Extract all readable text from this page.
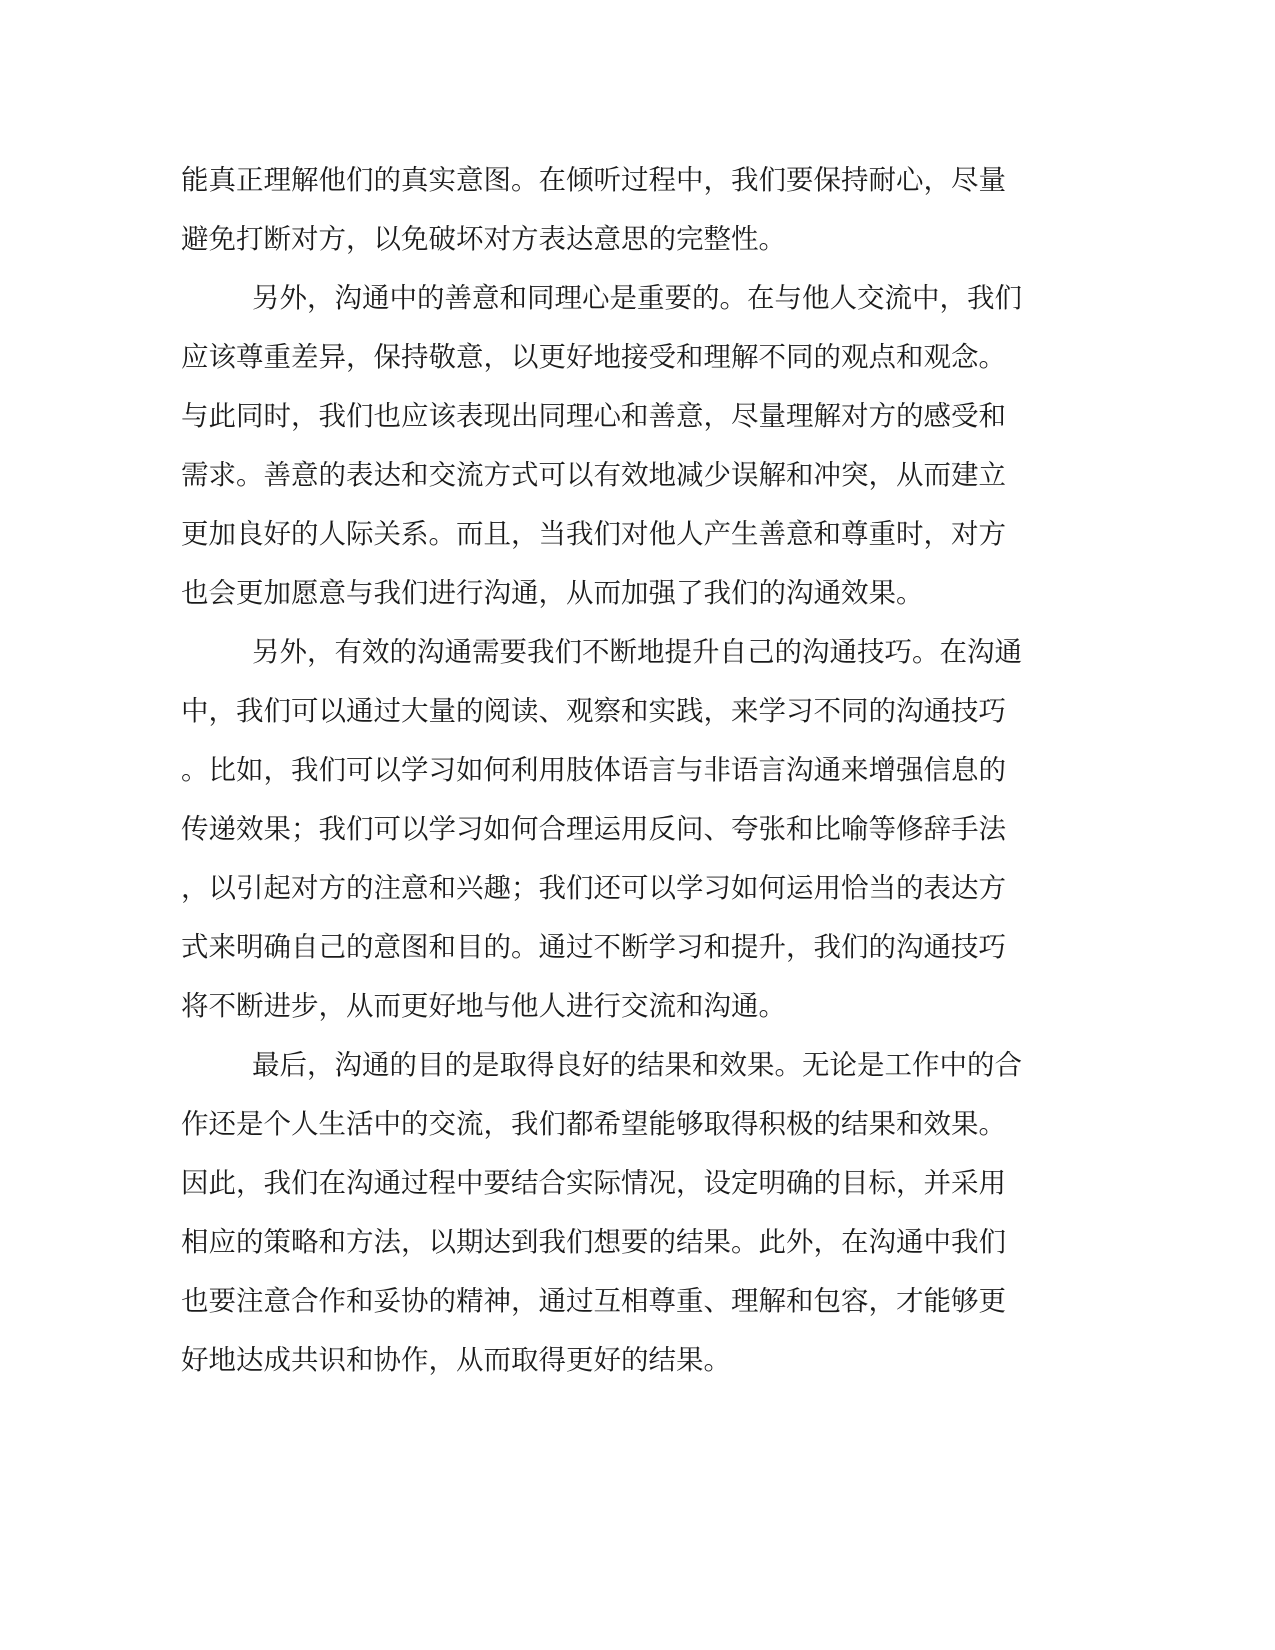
能真正理解他们的真实意图。在倾听过程中，我们要保持耐心，尽量
避免打断对方，以免破坏对方表达意思的完整性。
另外，沟通中的善意和同理心是重要的。在与他人交流中，我们
应该尊重差异，保持敬意，以更好地接受和理解不同的观点和观念。
与此同时，我们也应该表现出同理心和善意，尽量理解对方的感受和
需求。善意的表达和交流方式可以有效地减少误解和冲突，从而建立
更加良好的人际关系。而且，当我们对他人产生善意和尊重时，对方
也会更加愿意与我们进行沟通，从而加强了我们的沟通效果。
另外，有效的沟通需要我们不断地提升自己的沟通技巧。在沟通
中，我们可以通过大量的阅读、观察和实践，来学习不同的沟通技巧
。比如，我们可以学习如何利用肢体语言与非语言沟通来增强信息的
传递效果；我们可以学习如何合理运用反问、夸张和比喻等修辞手法
，以引起对方的注意和兴趣；我们还可以学习如何运用恰当的表达方
式来明确自己的意图和目的。通过不断学习和提升，我们的沟通技巧
将不断进步，从而更好地与他人进行交流和沟通。
最后，沟通的目的是取得良好的结果和效果。无论是工作中的合
作还是个人生活中的交流，我们都希望能够取得积极的结果和效果。
因此，我们在沟通过程中要结合实际情况，设定明确的目标，并采用
相应的策略和方法，以期达到我们想要的结果。此外，在沟通中我们
也要注意合作和妥协的精神，通过互相尊重、理解和包容，才能够更
好地达成共识和协作，从而取得更好的结果。
